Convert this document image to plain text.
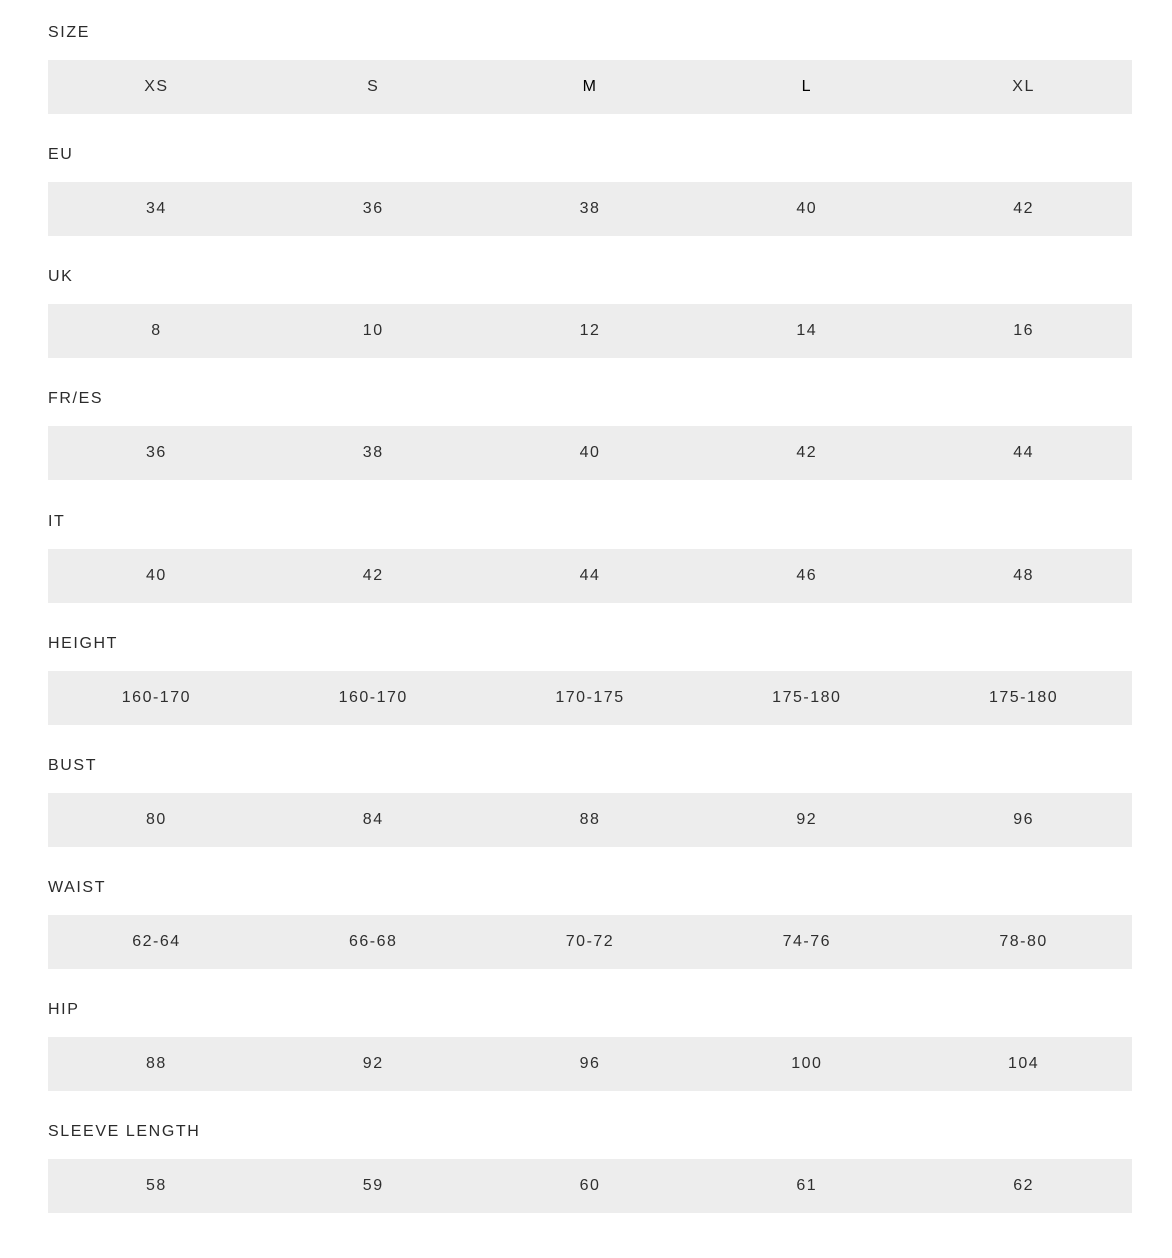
SIZE
XS	S	M	L	XL
EU
34	36	38	40	42
UK
8	10	12	14	16
FR/ES
36	38	40	42	44
IT
40	42	44	46	48
HEIGHT
160-170	160-170	170-175	175-180	175-180
BUST
80	84	88	92	96
WAIST
62-64	66-68	70-72	74-76	78-80
HIP
88	92	96	100	104
SLEEVE LENGTH
58	59	60	61	62
